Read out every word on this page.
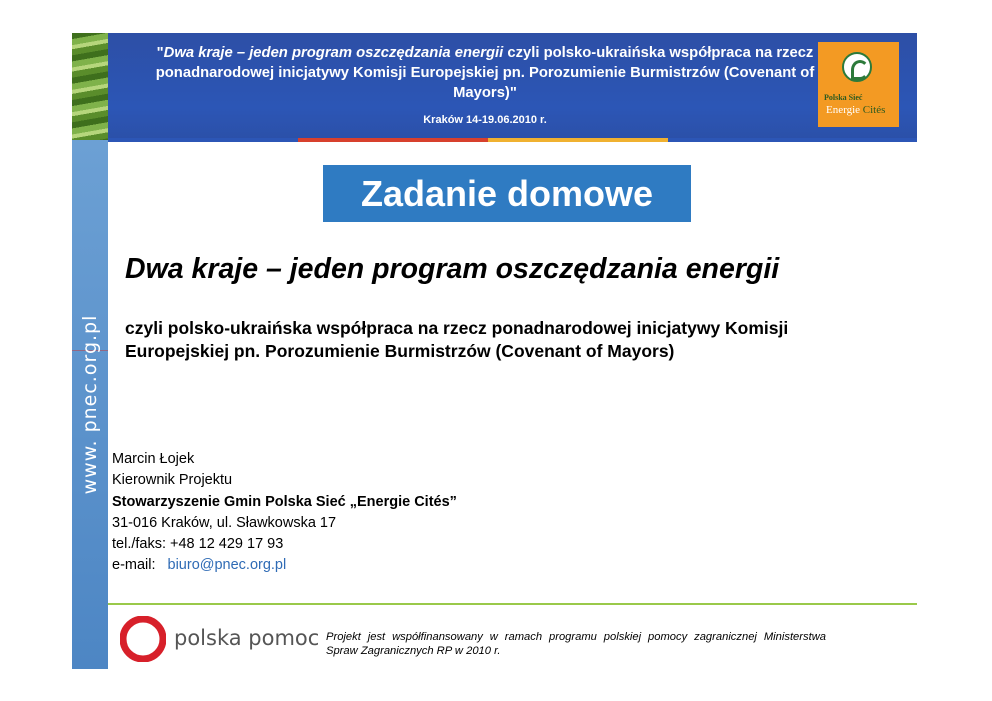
www. pnec.org.pl
"Dwa kraje – jeden program oszczędzania energii czyli polsko-ukraińska współpraca na rzecz ponadnarodowej inicjatywy Komisji Europejskiej pn. Porozumienie Burmistrzów (Covenant of Mayors)"
Kraków 14-19.06.2010 r.
Polska Sieć
Energie Cités
Zadanie domowe
Dwa kraje – jeden program oszczędzania energii
czyli polsko-ukraińska współpraca na rzecz ponadnarodowej inicjatywy Komisji Europejskiej pn. Porozumienie Burmistrzów (Covenant of Mayors)
Marcin Łojek
Kierownik Projektu
Stowarzyszenie Gmin Polska Sieć „Energie Cités”
31-016 Kraków, ul. Sławkowska 17
tel./faks: +48 12 429 17 93
e-mail: biuro@pnec.org.pl
polska pomoc Projekt jest współfinansowany w ramach programu polskiej pomocy zagranicznej Ministerstwa Spraw Zagranicznych RP w 2010 r.
